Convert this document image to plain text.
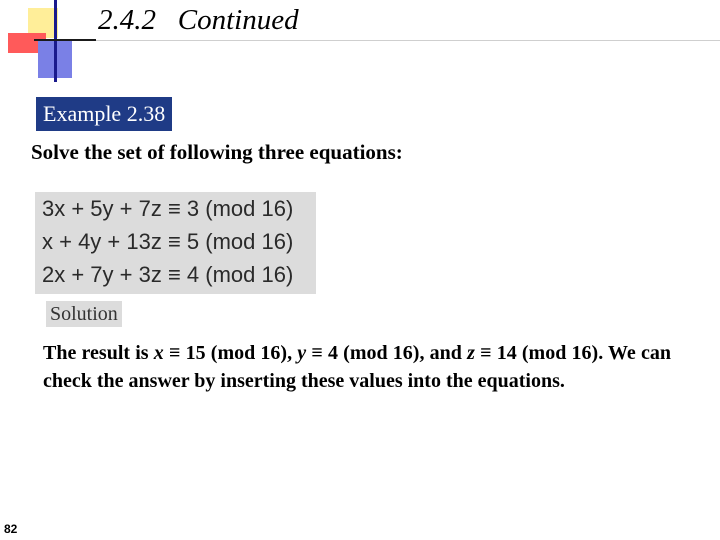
2.4.2   Continued
Example 2.38
Solve the set of following three equations:
3x + 5y + 7z ≡ 3 (mod 16)
x + 4y + 13z ≡ 5 (mod 16)
2x + 7y + 3z ≡ 4 (mod 16)
Solution

The result is x ≡ 15 (mod 16), y ≡ 4 (mod 16), and z ≡ 14 (mod 16). We can check the answer by inserting these values into the equations.

82
